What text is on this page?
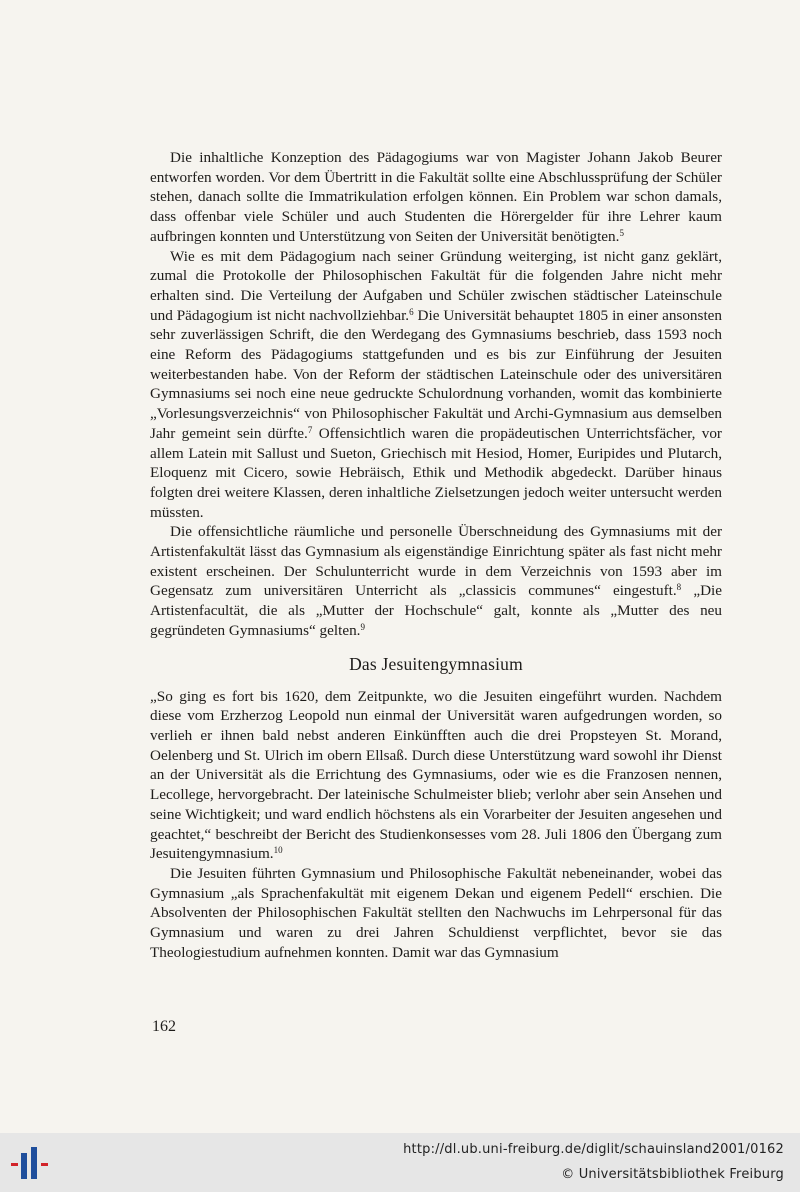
Die inhaltliche Konzeption des Pädagogiums war von Magister Johann Jakob Beurer entworfen worden. Vor dem Übertritt in die Fakultät sollte eine Abschlussprüfung der Schüler stehen, danach sollte die Immatrikulation erfolgen können. Ein Problem war schon damals, dass offenbar viele Schüler und auch Studenten die Hörergelder für ihre Lehrer kaum aufbringen konnten und Unterstützung von Seiten der Universität benötigten.$^5$

Wie es mit dem Pädagogium nach seiner Gründung weiterging, ist nicht ganz geklärt, zumal die Protokolle der Philosophischen Fakultät für die folgenden Jahre nicht mehr erhalten sind. Die Verteilung der Aufgaben und Schüler zwischen städtischer Lateinschule und Pädagogium ist nicht nachvollziehbar.$^6$ Die Universität behauptet 1805 in einer ansonsten sehr zuverlässigen Schrift, die den Werdegang des Gymnasiums beschrieb, dass 1593 noch eine Reform des Pädagogiums stattgefunden und es bis zur Einführung der Jesuiten weiterbestanden habe. Von der Reform der städtischen Lateinschule oder des universitären Gymnasiums sei noch eine neue gedruckte Schulordnung vorhanden, womit das kombinierte „Vorlesungsverzeichnis“ von Philosophischer Fakultät und Archi-Gymnasium aus demselben Jahr gemeint sein dürfte.$^7$ Offensichtlich waren die propädeutischen Unterrichtsfächer, vor allem Latein mit Sallust und Sueton, Griechisch mit Hesiod, Homer, Euripides und Plutarch, Eloquenz mit Cicero, sowie Hebräisch, Ethik und Methodik abgedeckt. Darüber hinaus folgten drei weitere Klassen, deren inhaltliche Zielsetzungen jedoch weiter untersucht werden müssten.

Die offensichtliche räumliche und personelle Überschneidung des Gymnasiums mit der Artistenfakultät lässt das Gymnasium als eigenständige Einrichtung später als fast nicht mehr existent erscheinen. Der Schulunterricht wurde in dem Verzeichnis von 1593 aber im Gegensatz zum universitären Unterricht als „classicis communes“ eingestuft.$^8$ „Die Artistenfacultät, die als „Mutter der Hochschule“ galt, konnte als „Mutter des neu gegründeten Gymnasiums“ gelten.$^9$

Das Jesuitengymnasium

„So ging es fort bis 1620, dem Zeitpunkte, wo die Jesuiten eingeführt wurden. Nachdem diese vom Erzherzog Leopold nun einmal der Universität waren aufgedrungen worden, so verlieh er ihnen bald nebst anderen Einkünfften auch die drei Propsteyen St. Morand, Oelenberg und St. Ulrich im obern Ellsaß. Durch diese Unterstützung ward sowohl ihr Dienst an der Universität als die Errichtung des Gymnasiums, oder wie es die Franzosen nennen, Lecollege, hervorgebracht. Der lateinische Schulmeister blieb; verlohr aber sein Ansehen und seine Wichtigkeit; und ward endlich höchstens als ein Vorarbeiter der Jesuiten angesehen und geachtet,“ beschreibt der Bericht des Studienkonsesses vom 28. Juli 1806 den Übergang zum Jesuitengymnasium.$^{10}$

Die Jesuiten führten Gymnasium und Philosophische Fakultät nebeneinander, wobei das Gymnasium „als Sprachenfakultät mit eigenem Dekan und eigenem Pedell“ erschien. Die Absolventen der Philosophischen Fakultät stellten den Nachwuchs im Lehrpersonal für das Gymnasium und waren zu drei Jahren Schuldienst verpflichtet, bevor sie das Theologiestudium aufnehmen konnten. Damit war das Gymnasium

162
http://dl.ub.uni-freiburg.de/diglit/schauinsland2001/0162
© Universitätsbibliothek Freiburg
